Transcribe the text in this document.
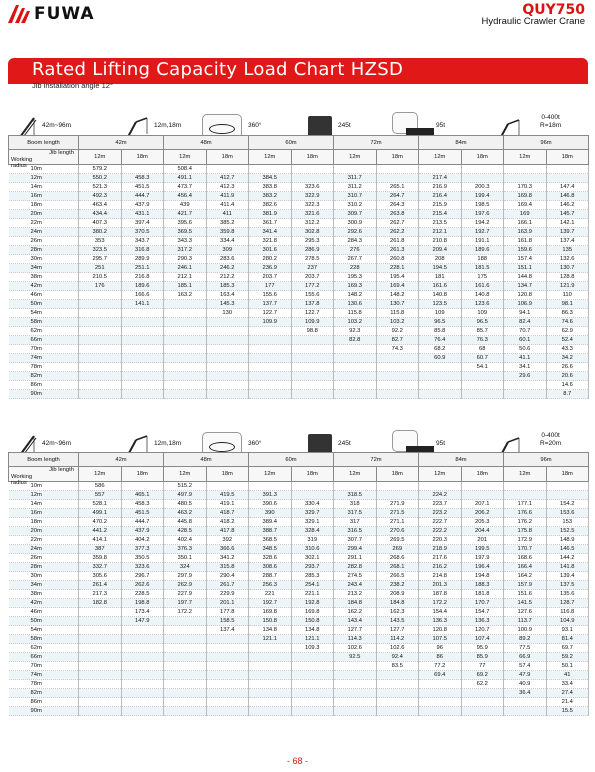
FUWA	QUY750
Hydraulic Crawler Crane
Rated Lifting Capacity Load Chart HZSD
Jib installation angle 12°
42m~96m	12m,18m	360°	245t	95t
0-400t
R=18m
42m~96m	12m,18m	360°	245t	95t
0-400t
R=20m
Boom length	42m		48m		60m		72m		84m		96m	

Jib length
Working radius	12m	18m	12m	18m	12m	18m	12m	18m	12m	18m	12m	18m
10m	579.2		508.4									
12m	550.2	458.3	491.1	412.7	384.5		311.7		217.4			
14m	521.3	451.5	473.7	412.3	383.8	323.6	311.2	265.1	216.9	200.3	170.3	147.4
16m	492.3	444.7	456.4	411.9	383.2	322.9	310.7	264.7	216.4	199.4	169.8	146.8
18m	463.4	437.9	439	411.4	382.6	322.3	310.2	264.3	215.9	198.5	169.4	146.2
20m	434.4	431.1	421.7	411	381.9	321.6	309.7	263.8	215.4	197.6	169	145.7
22m	407.3	397.4	395.6	385.2	361.7	312.2	300.9	262.7	213.5	194.2	166.1	142.1
24m	380.2	370.5	369.5	359.8	341.4	302.8	292.6	262.2	212.1	192.7	163.9	139.7
26m	353	343.7	343.3	334.4	321.8	295.3	284.3	261.8	210.8	191.1	161.8	137.4
28m	323.5	316.8	317.2	309	301.6	286.9	276	261.3	209.4	189.6	159.6	135
30m	295.7	289.9	290.3	283.6	280.2	278.5	267.7	260.8	208	188	157.4	132.6
34m	251	251.1	246.1	246.2	236.9	237	228	228.1	194.5	181.5	151.1	130.7
38m	210.5	216.8	212.1	212.2	203.7	203.7	195.3	195.4	181	175	144.8	128.8
42m	176	189.6	185.1	185.3	177	177.2	169.3	169.4	161.6	161.6	134.7	121.9
46m		166.6	163.2	163.4	155.6	155.6	148.2	148.2	140.8	140.8	120.8	110
50m		141.1		145.3	137.7	137.8	130.6	130.7	123.5	123.6	106.9	98.1
54m				130	122.7	122.7	115.8	115.8	109	109	94.1	86.3
58m					109.9	109.9	103.2	103.2	96.5	96.5	82.4	74.6
62m						98.8	92.3	92.2	85.8	85.7	70.7	62.9
66m							82.8	82.7	76.4	76.3	60.1	52.4
70m								74.3	68.2	68	50.6	43.3
74m									60.9	60.7	41.1	34.2
78m										54.1	34.1	26.6
82m											29.6	20.6
86m												14.6
90m												8.7
Boom length	42m		48m		60m		72m		84m		96m	

Jib length
Working radius	12m	18m	12m	18m	12m	18m	12m	18m	12m	18m	12m	18m
10m	586		515.2									
12m	557	465.1	497.9	419.5	391.3		318.5		224.2			
14m	528.1	458.3	480.5	419.1	390.6	330.4	318	271.9	223.7	207.1	177.1	154.2
16m	499.1	451.5	463.2	418.7	390	329.7	317.5	271.5	223.2	206.2	176.6	153.6
18m	470.2	444.7	445.8	418.2	389.4	329.1	317	271.1	222.7	205.3	176.2	153
20m	441.2	437.9	428.5	417.8	388.7	328.4	316.5	270.6	222.2	204.4	175.8	152.5
22m	414.1	404.2	402.4	392	368.5	319	307.7	269.5	220.3	201	172.9	148.9
24m	387	377.3	376.3	366.6	348.5	310.6	299.4	269	218.9	199.5	170.7	146.5
26m	359.8	350.5	350.1	341.2	328.6	302.1	291.1	268.6	217.6	197.9	168.6	144.2
28m	332.7	323.6	324	315.8	308.6	293.7	282.8	268.1	216.2	196.4	166.4	141.8
30m	305.6	296.7	297.9	290.4	288.7	285.3	274.5	266.5	214.8	194.8	164.2	139.4
34m	261.4	262.6	262.9	261.7	256.3	254.1	243.4	238.2	201.3	188.3	157.9	137.5
38m	217.3	228.5	227.9	229.9	221	221.1	213.2	208.9	187.8	181.8	151.6	135.6
42m	182.8	198.8	197.7	201.1	192.7	192.8	184.8	184.8	172.2	170.7	141.5	128.7
46m		173.4	172.2	177.8	169.8	169.8	162.2	162.3	154.4	154.7	127.6	116.8
50m		147.9		158.5	150.8	150.8	143.4	143.5	136.3	136.3	113.7	104.9
54m				137.4	134.8	134.8	127.7	127.7	120.8	120.7	100.9	93.1
58m					121.1	121.1	114.3	114.2	107.5	107.4	89.2	81.4
62m						109.3	102.6	102.6	96	95.9	77.5	69.7
66m							92.5	92.4	86	85.9	66.9	59.2
70m								83.5	77.2	77	57.4	50.1
74m									69.4	69.2	47.9	41
78m										62.2	40.9	33.4
82m											36.4	27.4
86m												21.4
90m												15.5
- 68 -
